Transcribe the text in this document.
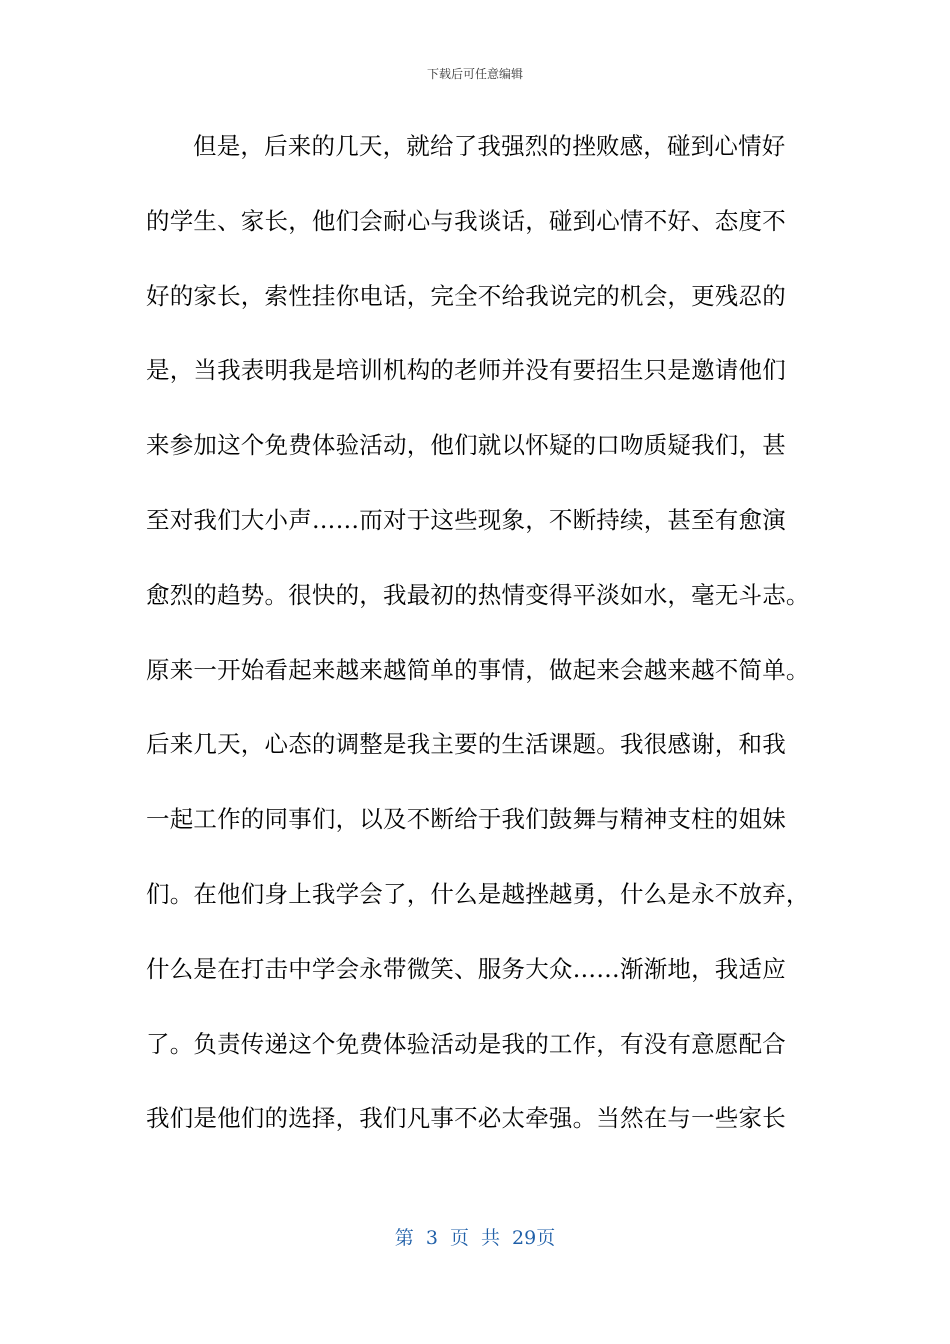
下载后可任意编辑
但是，后来的几天，就给了我强烈的挫败感，碰到心情好
的学生、家长，他们会耐心与我谈话，碰到心情不好、态度不
好的家长，索性挂你电话，完全不给我说完的机会，更残忍的
是，当我表明我是培训机构的老师并没有要招生只是邀请他们
来参加这个免费体验活动，他们就以怀疑的口吻质疑我们，甚
至对我们大小声……而对于这些现象，不断持续，甚至有愈演
愈烈的趋势。很快的，我最初的热情变得平淡如水，毫无斗志。
原来一开始看起来越来越简单的事情，做起来会越来越不简单。
后来几天，心态的调整是我主要的生活课题。我很感谢，和我
一起工作的同事们，以及不断给于我们鼓舞与精神支柱的姐妹
们。在他们身上我学会了，什么是越挫越勇，什么是永不放弃，
什么是在打击中学会永带微笑、服务大众……渐渐地，我适应
了。负责传递这个免费体验活动是我的工作，有没有意愿配合
我们是他们的选择，我们凡事不必太牵强。当然在与一些家长
第 3 页 共 29页
